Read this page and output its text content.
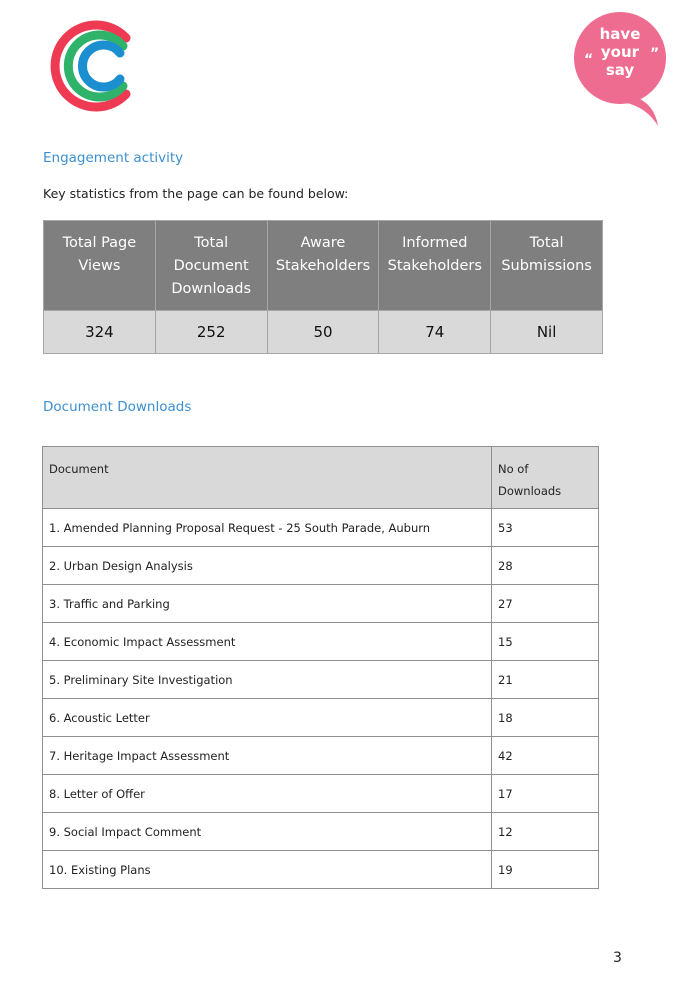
“	”
have
your
say
Engagement activity
Key statistics from the page can be found below:
Total Page Views	Total Document Downloads	Aware Stakeholders	Informed Stakeholders	Total Submissions
324	252	50	74	Nil
Document Downloads
Document	No of Downloads
1. Amended Planning Proposal Request - 25 South Parade, Auburn	53
2. Urban Design Analysis	28
3. Traffic and Parking	27
4. Economic Impact Assessment	15
5. Preliminary Site Investigation	21
6. Acoustic Letter	18
7. Heritage Impact Assessment	42
8. Letter of Offer	17
9. Social Impact Comment	12
10. Existing Plans	19
3
